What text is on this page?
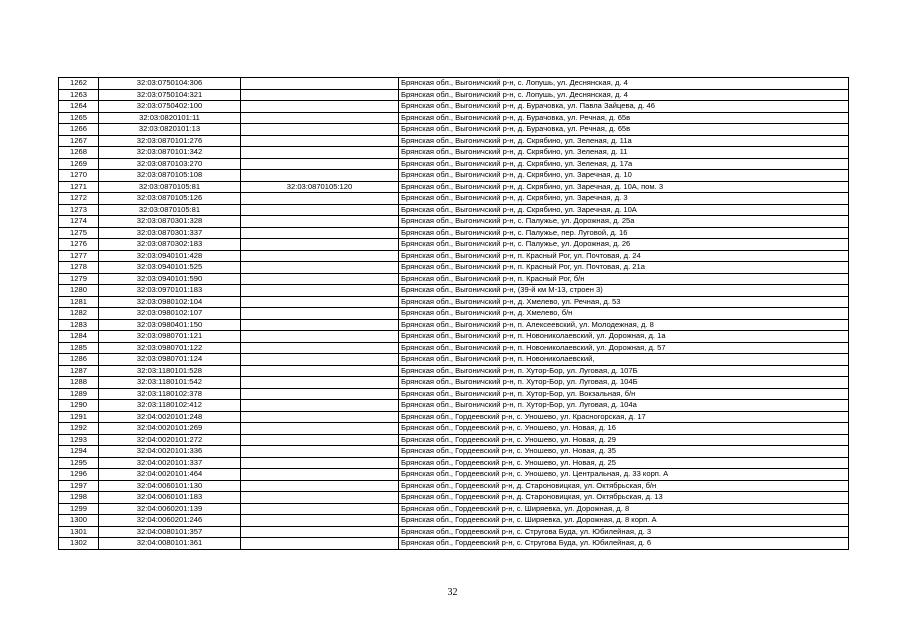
1262	32:03:0750104:306		Брянская обл., Выгоничский р-н, с. Лопушь, ул. Деснянская, д. 4
1263	32:03:0750104:321		Брянская обл., Выгоничский р-н, с. Лопушь, ул. Деснянская, д. 4
1264	32:03:0750402:100		Брянская обл., Выгоничский р-н, д. Бурачовка, ул. Павла Зайцева, д. 46
1265	32:03:0820101:11		Брянская обл., Выгоничский р-н, д. Бурачовка, ул. Речная, д. 65в
1266	32:03:0820101:13		Брянская обл., Выгоничский р-н, д. Бурачовка, ул. Речная, д. 65в
1267	32:03:0870101:276		Брянская обл., Выгоничский р-н, д. Скрябино, ул. Зеленая, д. 11а
1268	32:03:0870101:342		Брянская обл., Выгоничский р-н, д. Скрябино, ул. Зеленая, д. 11
1269	32:03:0870103:270		Брянская обл., Выгоничский р-н, д. Скрябино, ул. Зеленая, д. 17а
1270	32:03:0870105:108		Брянская обл., Выгоничский р-н, д. Скрябино, ул. Заречная, д. 10
1271	32:03:0870105:81	32:03:0870105:120	Брянская обл., Выгоничский р-н, д. Скрябино, ул. Заречная, д. 10А, пом. 3
1272	32:03:0870105:126		Брянская обл., Выгоничский р-н, д. Скрябино, ул. Заречная, д. 3
1273	32:03:0870105:81		Брянская обл., Выгоничский р-н, д. Скрябино, ул. Заречная, д. 10А
1274	32:03:0870301:328		Брянская обл., Выгоничский р-н, с. Палужье, ул. Дорожная, д. 25а
1275	32:03:0870301:337		Брянская обл., Выгоничский р-н, с. Палужье, пер. Луговой, д. 16
1276	32:03:0870302:183		Брянская обл., Выгоничский р-н, с. Палужье, ул. Дорожная, д. 26
1277	32:03:0940101:428		Брянская обл., Выгоничский р-н, п. Красный Рог, ул. Почтовая, д. 24
1278	32:03:0940101:525		Брянская обл., Выгоничский р-н, п. Красный Рог, ул. Почтовая, д. 21а
1279	32:03:0940101:590		Брянская обл., Выгоничский р-н, п. Красный Рог, б/н
1280	32:03:0970101:183		Брянская обл., Выгоничский р-н, (39-й км М-13, строен 3)
1281	32:03:0980102:104		Брянская обл., Выгоничский р-н, д. Хмелево, ул. Речная, д. 53
1282	32:03:0980102:107		Брянская обл., Выгоничский р-н, д. Хмелево, б/н
1283	32:03:0980401:150		Брянская обл., Выгоничский р-н, п. Алексеевский, ул. Молодежная, д. 8
1284	32:03:0980701:121		Брянская обл., Выгоничский р-н, п. Новониколаевский, ул. Дорожная, д. 1а
1285	32:03:0980701:122		Брянская обл., Выгоничский р-н, п. Новониколаевский, ул. Дорожная, д. 57
1286	32:03:0980701:124		Брянская обл., Выгоничский р-н, п. Новониколаевский,
1287	32:03:1180101:528		Брянская обл., Выгоничский р-н, п. Хутор-Бор, ул. Луговая, д. 107Б
1288	32:03:1180101:542		Брянская обл., Выгоничский р-н, п. Хутор-Бор, ул. Луговая, д. 104Б
1289	32:03:1180102:378		Брянская обл., Выгоничский р-н, п. Хутор-Бор, ул. Вокзальная, б/н
1290	32:03:1180102:412		Брянская обл., Выгоничский р-н, п. Хутор-Бор, ул. Луговая, д. 104а
1291	32:04:0020101:248		Брянская обл., Гордеевский р-н, с. Уношево, ул. Красногорская, д. 17
1292	32:04:0020101:269		Брянская обл., Гордеевский р-н, с. Уношево, ул. Новая, д. 16
1293	32:04:0020101:272		Брянская обл., Гордеевский р-н, с. Уношево, ул. Новая, д. 29
1294	32:04:0020101:336		Брянская обл., Гордеевский р-н, с. Уношево, ул. Новая, д. 35
1295	32:04:0020101:337		Брянская обл., Гордеевский р-н, с. Уношево, ул. Новая, д. 25
1296	32:04:0020101:464		Брянская обл., Гордеевский р-н, с. Уношево, ул. Центральная, д. 33 корп. А
1297	32:04:0060101:130		Брянская обл., Гордеевский р-н, д. Староновицкая, ул. Октябрьская, б/н
1298	32:04:0060101:183		Брянская обл., Гордеевский р-н, д. Староновицкая, ул. Октябрьская, д. 13
1299	32:04:0060201:139		Брянская обл., Гордеевский р-н, с. Ширяевка, ул. Дорожная, д. 8
1300	32:04:0060201:246		Брянская обл., Гордеевский р-н, с. Ширяевка, ул. Дорожная, д. 8 корп. А
1301	32:04:0080101:357		Брянская обл., Гордеевский р-н, с. Стругова Буда, ул. Юбилейная, д. 3
1302	32:04:0080101:361		Брянская обл., Гордеевский р-н, с. Стругова Буда, ул. Юбилейная, д. 6
32
